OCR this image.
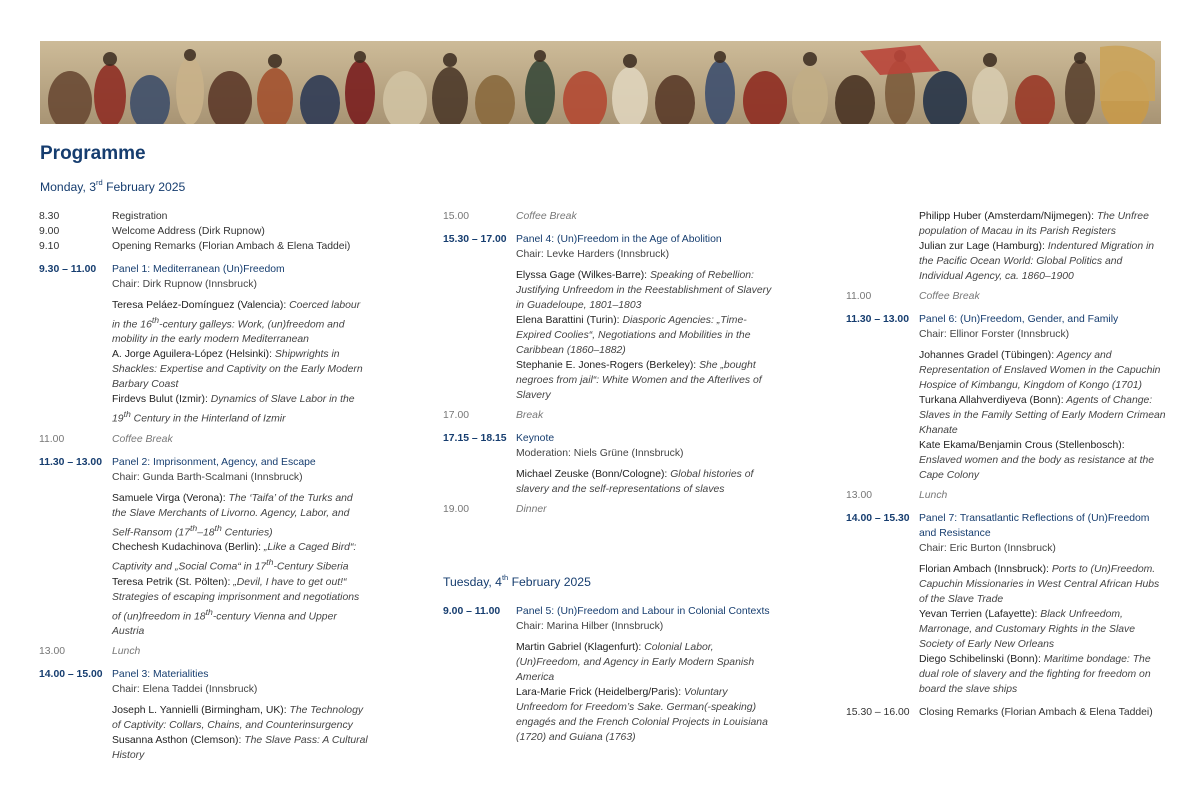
Programme
Monday, 3rd February 2025
8.30	Registration
9.00	Welcome Address (Dirk Rupnow)
9.10	Opening Remarks (Florian Ambach & Elena Taddei)
9.30 – 11.00	Panel 1: Mediterranean (Un)Freedom
Chair: Dirk Rupnow (Innsbruck)
Teresa Peláez-Domínguez (Valencia): Coerced labour in the 16th-century galleys: Work, (un)freedom and mobility in the early modern Mediterranean
A. Jorge Aguilera-López (Helsinki): Shipwrights in Shackles: Expertise and Captivity on the Early Modern Barbary Coast
Firdevs Bulut (Izmir): Dynamics of Slave Labor in the 19th Century in the Hinterland of Izmir
11.00	Coffee Break
11.30 – 13.00 Panel 2: Imprisonment, Agency, and Escape
Chair: Gunda Barth-Scalmani (Innsbruck)
Samuele Virga (Verona): The ‘Taifa’ of the Turks and the Slave Merchants of Livorno. Agency, Labor, and Self-Ransom (17th–18th Centuries)
Chechesh Kudachinova (Berlin): „Like a Caged Bird“: Captivity and „Social Coma“ in 17th-Century Siberia
Teresa Petrik (St. Pölten): „Devil, I have to get out!“ Strategies of escaping imprisonment and negotiations of (un)freedom in 18th-century Vienna and Upper Austria
13.00	Lunch
14.00 – 15.00 Panel 3: Materialities
Chair: Elena Taddei (Innsbruck)
Joseph L. Yannielli (Birmingham, UK): The Technology of Captivity: Collars, Chains, and Counterinsurgency
Susanna Asthon (Clemson): The Slave Pass: A Cultural History
15.00	Coffee Break
15.30 – 17.00 Panel 4: (Un)Freedom in the Age of Abolition
Chair: Levke Harders (Innsbruck)
Elyssa Gage (Wilkes-Barre): Speaking of Rebellion: Justifying Unfreedom in the Reestablishment of Slavery in Guadeloupe, 1801–1803
Elena Barattini (Turin): Diasporic Agencies: „Time-Expired Coolies“, Negotiations and Mobilities in the Caribbean (1860–1882)
Stephanie E. Jones-Rogers (Berkeley): She „bought negroes from jail“: White Women and the Afterlives of Slavery
17.00	Break
17.15 – 18.15 Keynote
Moderation: Niels Grüne (Innsbruck)
Michael Zeuske (Bonn/Cologne): Global histories of slavery and the self-representations of slaves
19.00	Dinner
Tuesday, 4th February 2025
9.00 – 11.00	Panel 5: (Un)Freedom and Labour in Colonial Contexts
Chair: Marina Hilber (Innsbruck)
Martin Gabriel (Klagenfurt): Colonial Labor, (Un)Freedom, and Agency in Early Modern Spanish America
Lara-Marie Frick (Heidelberg/Paris): Voluntary Unfreedom for Freedom’s Sake. German(-speaking) engagés and the French Colonial Projects in Louisiana (1720) and Guiana (1763)
Philipp Huber (Amsterdam/Nijmegen): The Unfree population of Macau in its Parish Registers
Julian zur Lage (Hamburg): Indentured Migration in the Pacific Ocean World: Global Politics and Individual Agency, ca. 1860–1900
11.00	Coffee Break
11.30 – 13.00 Panel 6: (Un)Freedom, Gender, and Family
Chair: Ellinor Forster (Innsbruck)
Johannes Gradel (Tübingen): Agency and Representation of Enslaved Women in the Capuchin Hospice of Kimbangu, Kingdom of Kongo (1701)
Turkana Allahverdiyeva (Bonn): Agents of Change: Slaves in the Family Setting of Early Modern Crimean Khanate
Kate Ekama/Benjamin Crous (Stellenbosch): Enslaved women and the body as resistance at the Cape Colony
13.00	Lunch
14.00 – 15.30 Panel 7: Transatlantic Reflections of (Un)Freedom and Resistance
Chair: Eric Burton (Innsbruck)
Florian Ambach (Innsbruck): Ports to (Un)Freedom. Capuchin Missionaries in West Central African Hubs of the Slave Trade
Yevan Terrien (Lafayette): Black Unfreedom, Marronage, and Customary Rights in the Slave Society of Early New Orleans
Diego Schibelinski (Bonn): Maritime bondage: The dual role of slavery and the fighting for freedom on board the slave ships
15.30 – 16.00 Closing Remarks (Florian Ambach & Elena Taddei)
